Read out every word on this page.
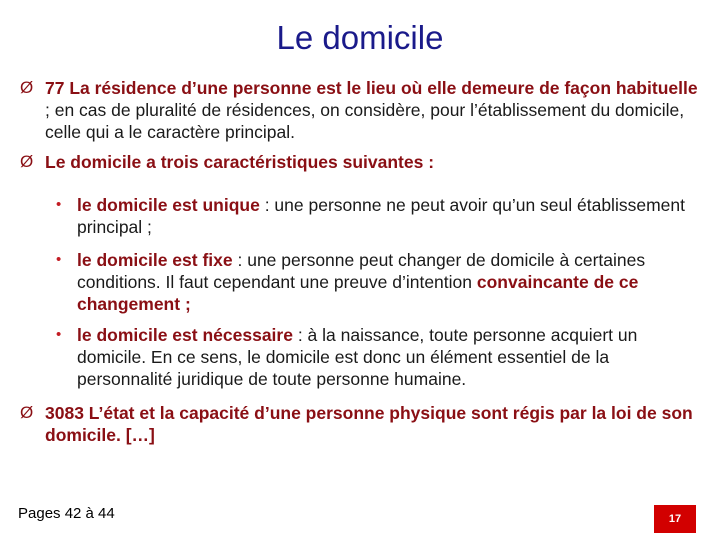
Le domicile
Ø 77 La résidence d’une personne est le lieu où elle demeure de façon habituelle ; en cas de pluralité de résidences, on considère, pour l’établissement du domicile, celle qui a le caractère principal.
Ø Le domicile a trois caractéristiques suivantes :
• le domicile est unique : une personne ne peut avoir qu’un seul établissement principal ;
• le domicile est fixe : une personne peut changer de domicile à certaines conditions. Il faut cependant une preuve d’intention convaincante de ce changement ;
• le domicile est nécessaire : à la naissance, toute personne acquiert un domicile. En ce sens, le domicile est donc un élément essentiel de la personnalité juridique de toute personne humaine.
Ø 3083 L’état et la capacité d’une personne physique sont régis par la loi de son domicile. […]
Pages 42 à 44	17
